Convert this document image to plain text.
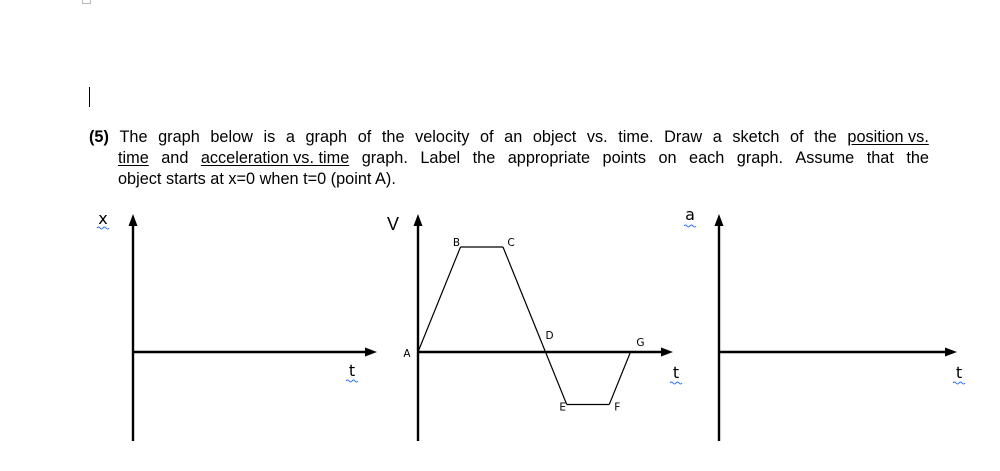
(5) The graph below is a graph of the velocity of an object vs. time. Draw a sketch of the position vs.
time and acceleration vs. time graph. Label the appropriate points on each graph. Assume that the
object starts at x=0 when t=0 (point A).
x
t
V
t
A
B	C
D
E	F
G
a
t
